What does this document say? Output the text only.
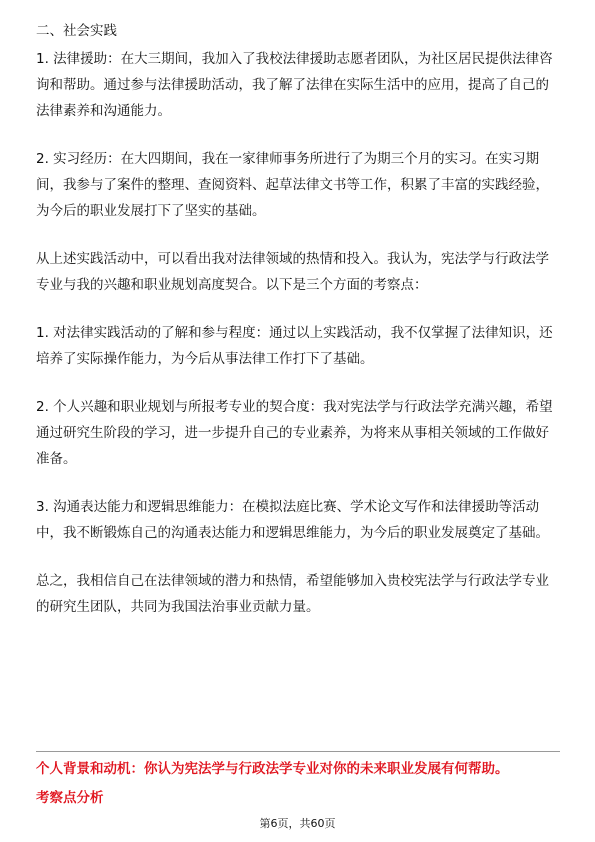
二、社会实践

1. 法律援助：在大三期间，我加入了我校法律援助志愿者团队，为社区居民提供法律咨询和帮助。通过参与法律援助活动，我了解了法律在实际生活中的应用，提高了自己的法律素养和沟通能力。

2. 实习经历：在大四期间，我在一家律师事务所进行了为期三个月的实习。在实习期间，我参与了案件的整理、查阅资料、起草法律文书等工作，积累了丰富的实践经验，为今后的职业发展打下了坚实的基础。

从上述实践活动中，可以看出我对法律领域的热情和投入。我认为，宪法学与行政法学专业与我的兴趣和职业规划高度契合。以下是三个方面的考察点：

1. 对法律实践活动的了解和参与程度：通过以上实践活动，我不仅掌握了法律知识，还培养了实际操作能力，为今后从事法律工作打下了基础。

2. 个人兴趣和职业规划与所报考专业的契合度：我对宪法学与行政法学充满兴趣，希望通过研究生阶段的学习，进一步提升自己的专业素养，为将来从事相关领域的工作做好准备。

3. 沟通表达能力和逻辑思维能力：在模拟法庭比赛、学术论文写作和法律援助等活动中，我不断锻炼自己的沟通表达能力和逻辑思维能力，为今后的职业发展奠定了基础。

总之，我相信自己在法律领域的潜力和热情，希望能够加入贵校宪法学与行政法学专业的研究生团队，共同为我国法治事业贡献力量。

个人背景和动机：你认为宪法学与行政法学专业对你的未来职业发展有何帮助。
考察点分析
第6页，共60页
